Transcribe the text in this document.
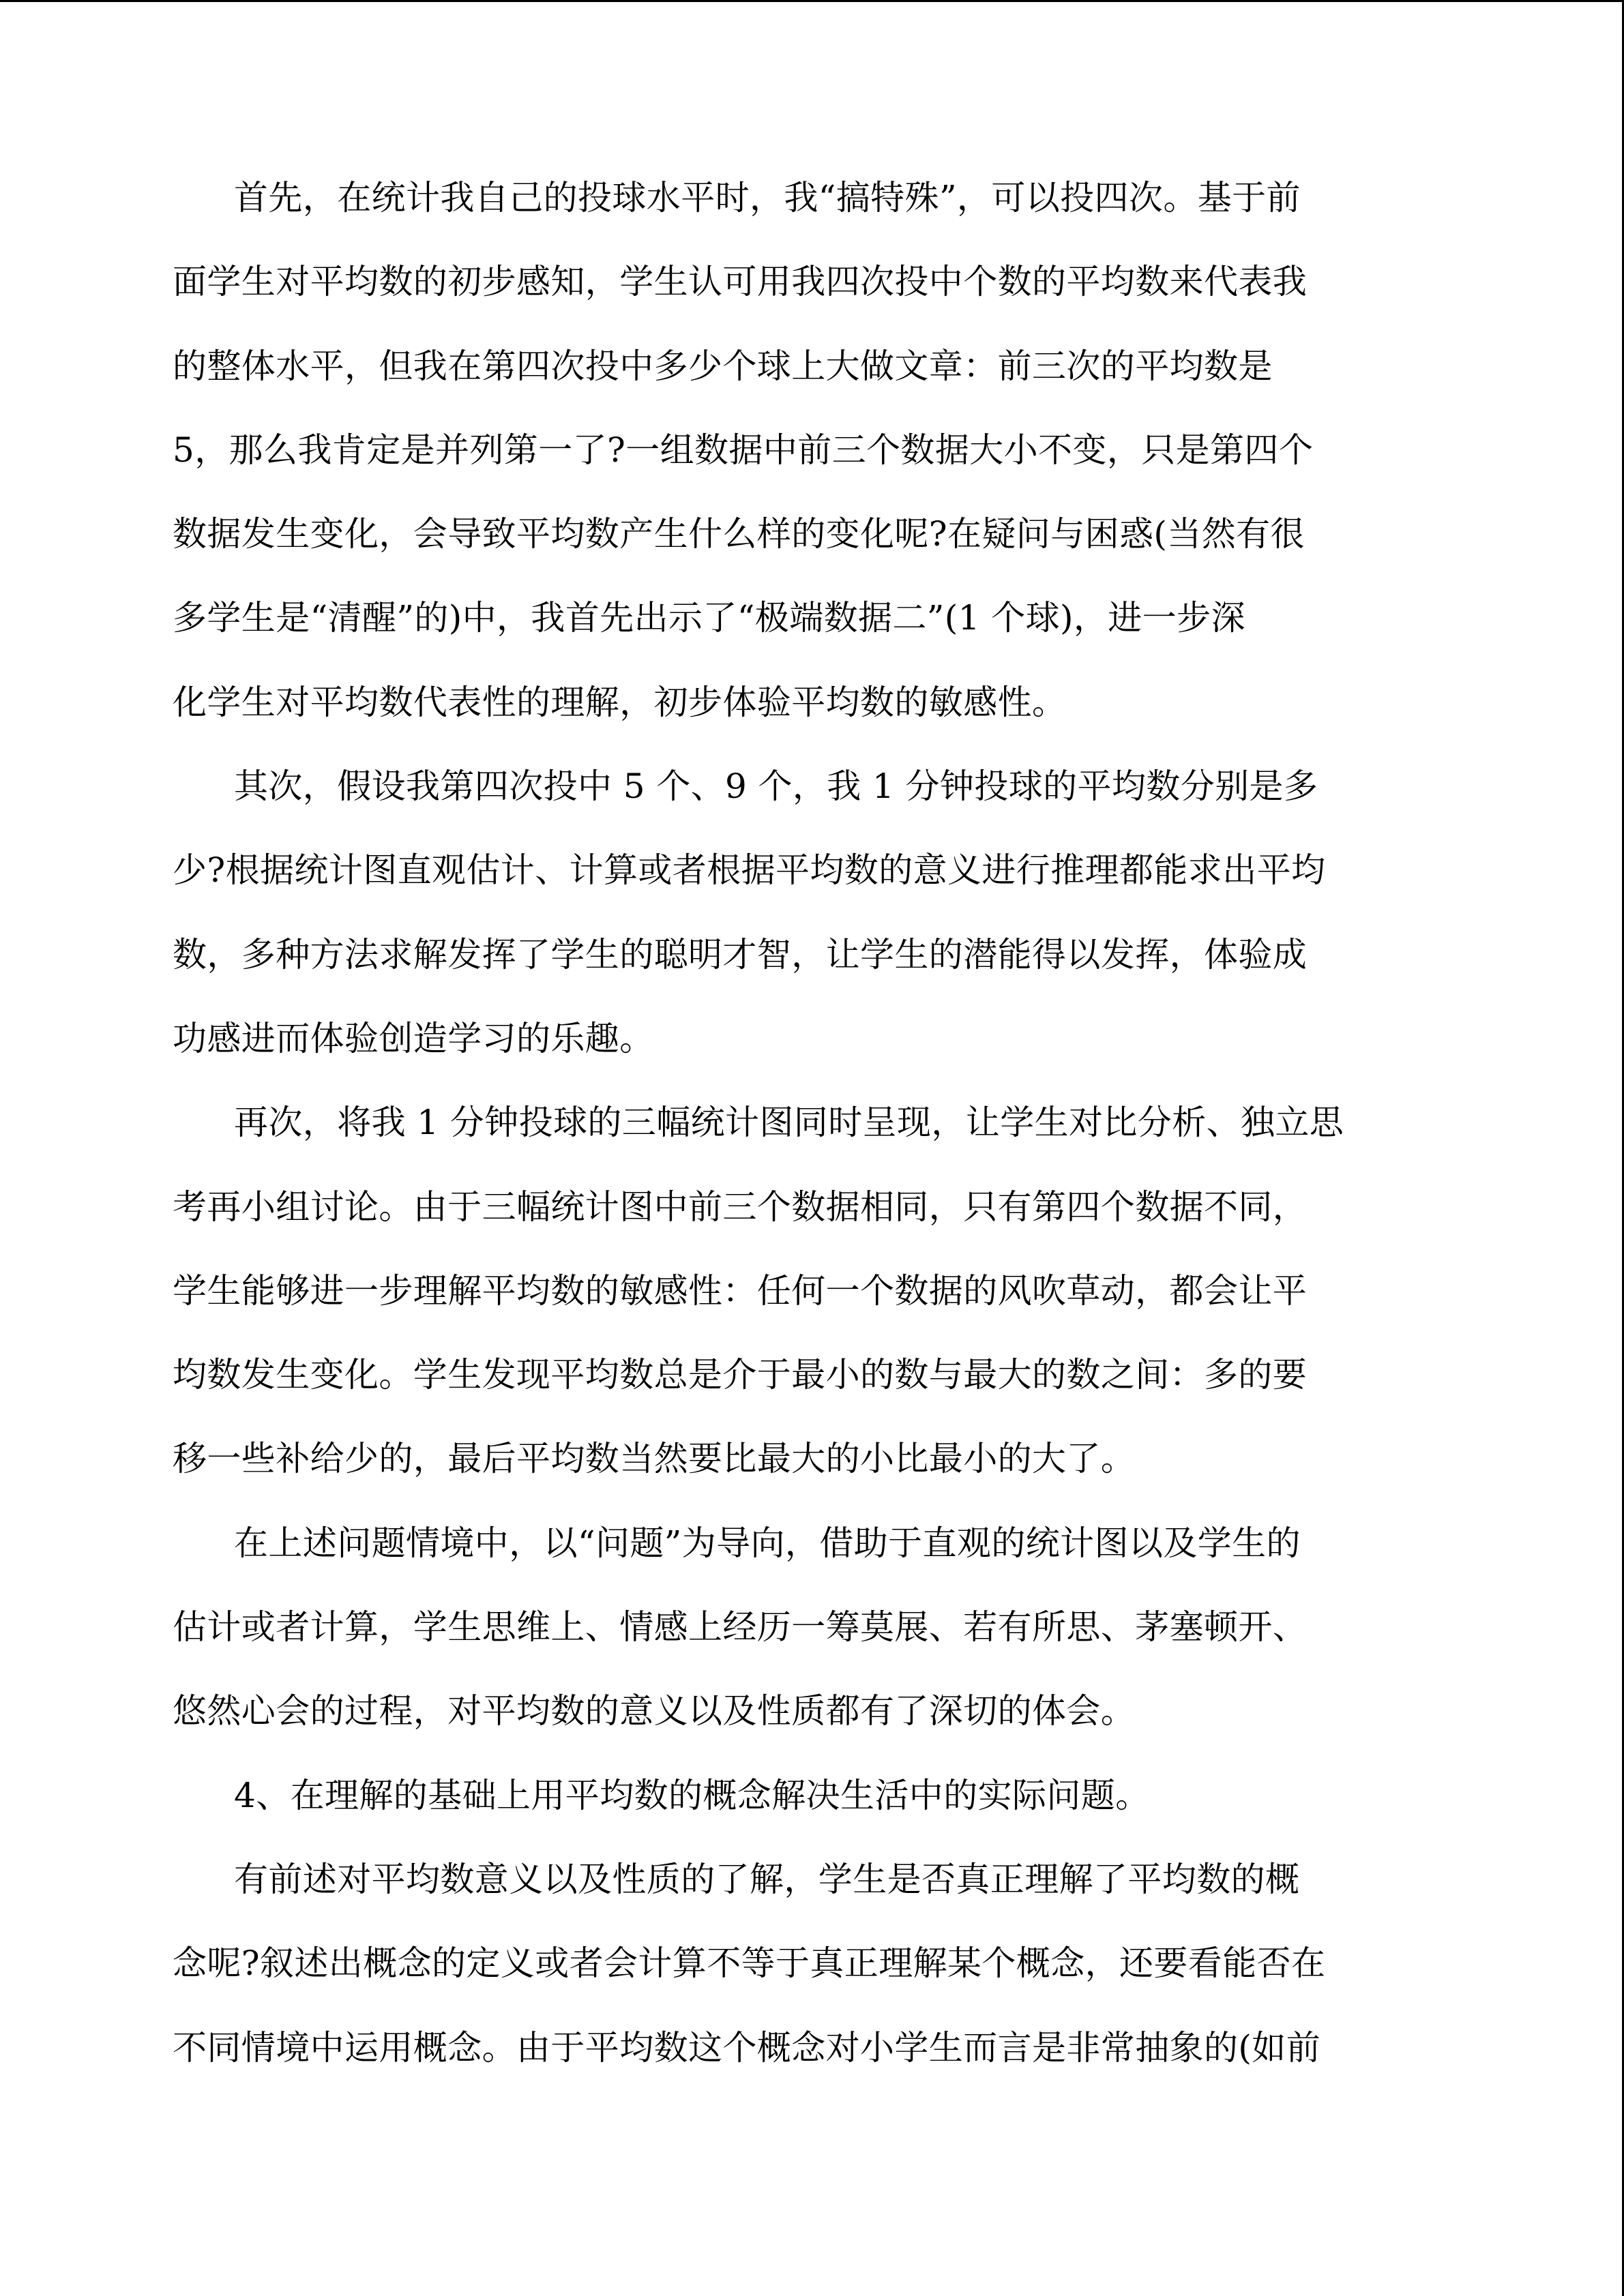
首先，在统计我自己的投球水平时，我“搞特殊”，可以投四次。基于前
面学生对平均数的初步感知，学生认可用我四次投中个数的平均数来代表我
的整体水平，但我在第四次投中多少个球上大做文章：前三次的平均数是
5，那么我肯定是并列第一了?一组数据中前三个数据大小不变，只是第四个
数据发生变化，会导致平均数产生什么样的变化呢?在疑问与困惑(当然有很
多学生是“清醒”的)中，我首先出示了“极端数据二”(1 个球)，进一步深
化学生对平均数代表性的理解，初步体验平均数的敏感性。
其次，假设我第四次投中 5 个、9 个，我 1 分钟投球的平均数分别是多
少?根据统计图直观估计、计算或者根据平均数的意义进行推理都能求出平均
数，多种方法求解发挥了学生的聪明才智，让学生的潜能得以发挥，体验成
功感进而体验创造学习的乐趣。
再次，将我 1 分钟投球的三幅统计图同时呈现，让学生对比分析、独立思
考再小组讨论。由于三幅统计图中前三个数据相同，只有第四个数据不同，
学生能够进一步理解平均数的敏感性：任何一个数据的风吹草动，都会让平
均数发生变化。学生发现平均数总是介于最小的数与最大的数之间：多的要
移一些补给少的，最后平均数当然要比最大的小比最小的大了。
在上述问题情境中，以“问题”为导向，借助于直观的统计图以及学生的
估计或者计算，学生思维上、情感上经历一筹莫展、若有所思、茅塞顿开、
悠然心会的过程，对平均数的意义以及性质都有了深切的体会。
4、在理解的基础上用平均数的概念解决生活中的实际问题。
有前述对平均数意义以及性质的了解，学生是否真正理解了平均数的概
念呢?叙述出概念的定义或者会计算不等于真正理解某个概念，还要看能否在
不同情境中运用概念。由于平均数这个概念对小学生而言是非常抽象的(如前
